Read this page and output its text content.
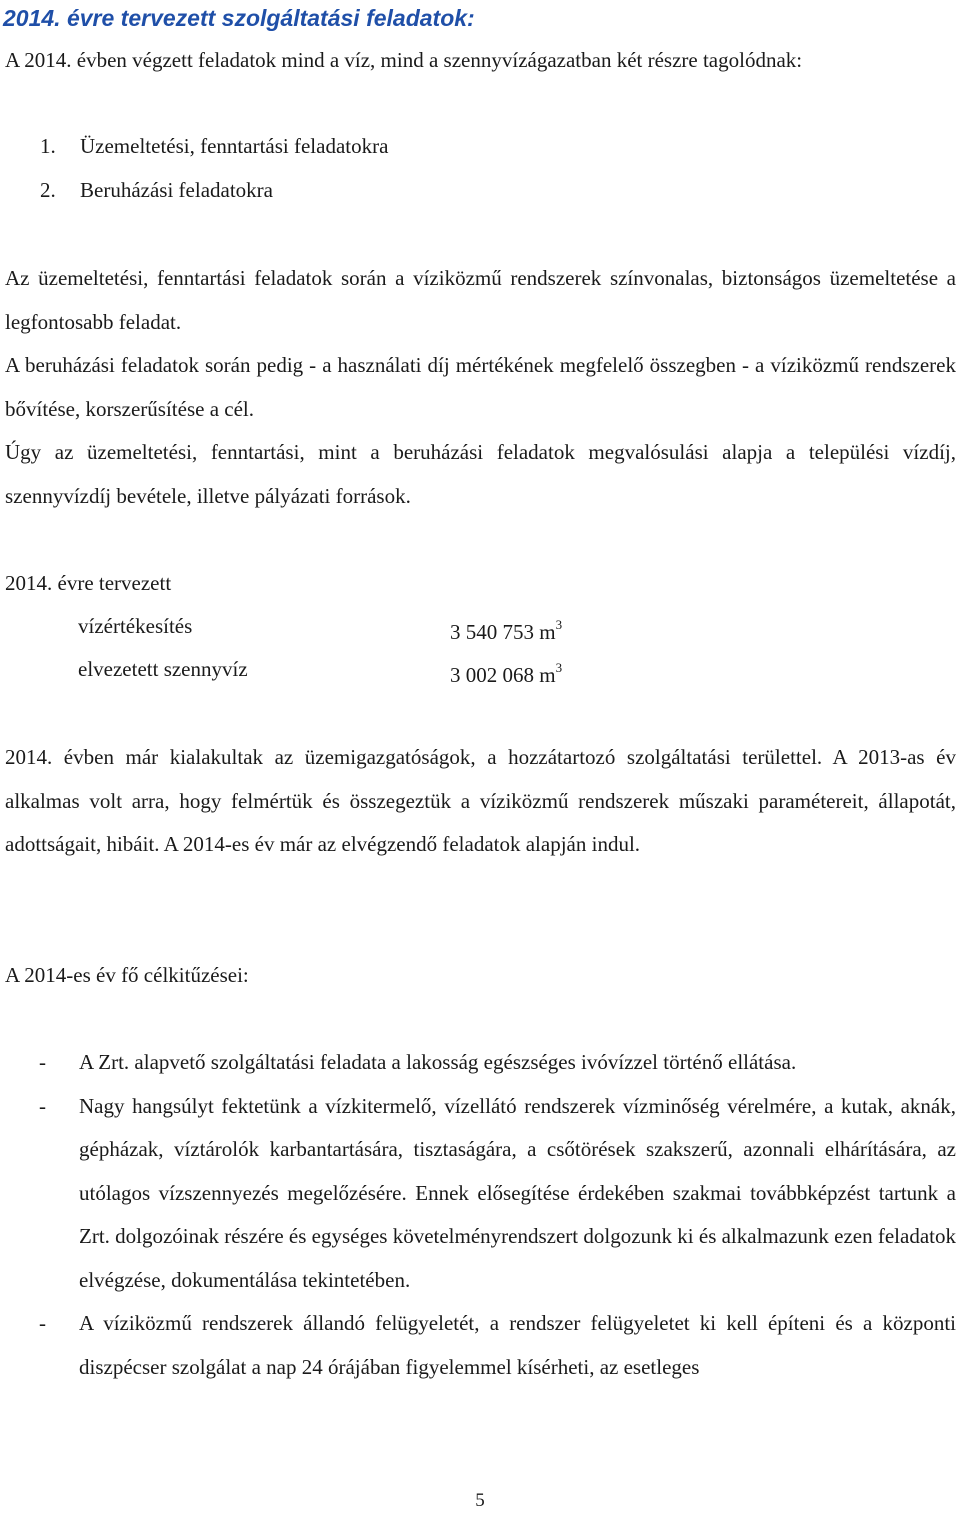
2014. évre tervezett szolgáltatási feladatok:
A 2014. évben végzett feladatok mind a víz, mind a szennyvízágazatban két részre tagolódnak:
1. Üzemeltetési, fenntartási feladatokra
2. Beruházási feladatokra
Az üzemeltetési, fenntartási feladatok során a víziközmű rendszerek színvonalas, biztonságos üzemeltetése a legfontosabb feladat.
A beruházási feladatok során pedig - a használati díj mértékének megfelelő összegben - a víziközmű rendszerek bővítése, korszerűsítése a cél.
Úgy az üzemeltetési, fenntartási, mint a beruházási feladatok megvalósulási alapja a települési vízdíj, szennyvízdíj bevétele, illetve pályázati források.
2014. évre tervezett
vízértékesítés	3 540 753 $m^3$
elvezetett szennyvíz	3 002 068 $m^3$
2014. évben már kialakultak az üzemigazgatóságok, a hozzátartozó szolgáltatási területtel. A 2013-as év alkalmas volt arra, hogy felmértük és összegeztük a víziközmű rendszerek műszaki paramétereit, állapotát, adottságait, hibáit. A 2014-es év már az elvégzendő feladatok alapján indul.
A 2014-es év fő célkitűzései:
- A Zrt. alapvető szolgáltatási feladata a lakosság egészséges ivóvízzel történő ellátása.
- Nagy hangsúlyt fektetünk a vízkitermelő, vízellátó rendszerek vízminőség vérelmére, a kutak, aknák, gépházak, víztárolók karbantartására, tisztaságára, a csőtörések szakszerű, azonnali elhárítására, az utólagos vízszennyezés megelőzésére. Ennek elősegítése érdekében szakmai továbbképzést tartunk a Zrt. dolgozóinak részére és egységes követelményrendszert dolgozunk ki és alkalmazunk ezen feladatok elvégzése, dokumentálása tekintetében.
- A víziközmű rendszerek állandó felügyeletét, a rendszer felügyeletet ki kell építeni és a központi diszpécser szolgálat a nap 24 órájában figyelemmel kísérheti, az esetleges
5
